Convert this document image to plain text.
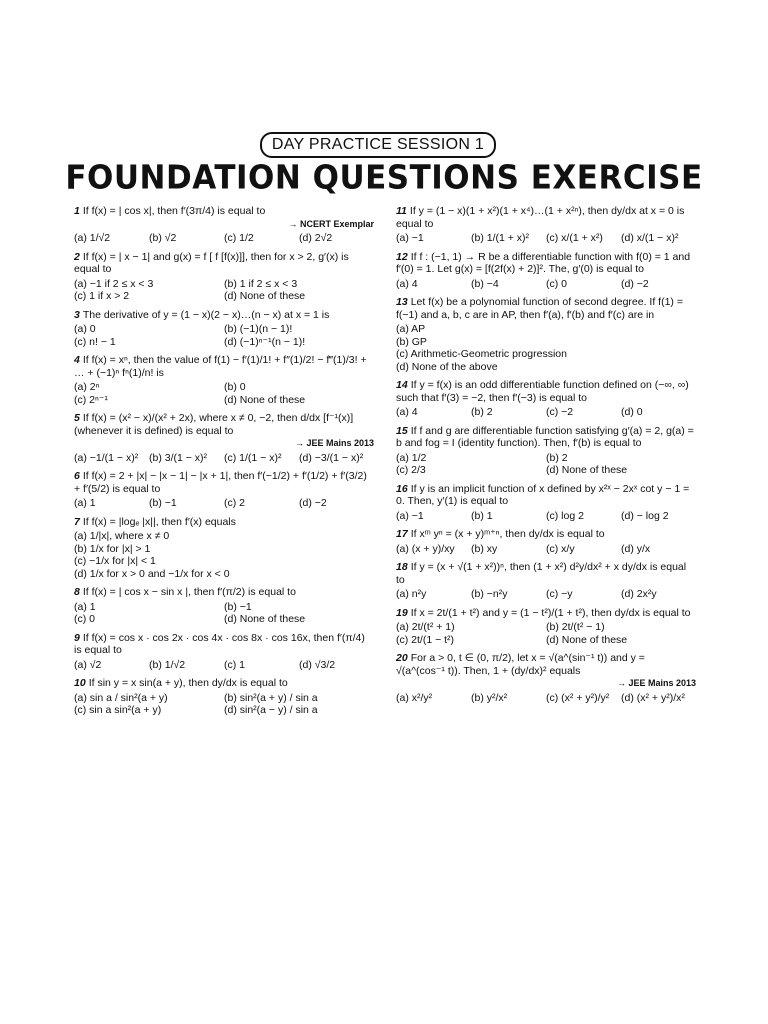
DAY PRACTICE SESSION 1
FOUNDATION QUESTIONS EXERCISE
1 If f(x) = | cos x|, then f′(3π/4) is equal to
→ NCERT Exemplar
(a) 1/√2	(b) √2	(c) 1/2	(d) 2√2
2 If f(x) = | x − 1| and g(x) = f [ f [f(x)]], then for x > 2, g′(x) is equal to
(a) −1 if 2 ≤ x < 3	(b) 1 if 2 ≤ x < 3
(c) 1 if x > 2	(d) None of these
3 The derivative of y = (1 − x)(2 − x)…(n − x) at x = 1 is
(a) 0	(b) (−1)(n − 1)!
(c) n! − 1	(d) (−1)ⁿ⁻¹(n − 1)!
4 If f(x) = xⁿ, then the value of f(1) − f′(1)/1! + f″(1)/2! − f‴(1)/3! + … + (−1)ⁿ fⁿ(1)/n! is
(a) 2ⁿ	(b) 0
(c) 2ⁿ⁻¹	(d) None of these
5 If f(x) = (x² − x)/(x² + 2x), where x ≠ 0, −2, then d/dx [f⁻¹(x)] (whenever it is defined) is equal to
→ JEE Mains 2013
(a) −1/(1 − x)²	(b) 3/(1 − x)²	(c) 1/(1 − x)²	(d) −3/(1 − x)²
6 If f(x) = 2 + |x| − |x − 1| − |x + 1|, then f′(−1/2) + f′(1/2) + f′(3/2) + f′(5/2) is equal to
(a) 1	(b) −1	(c) 2	(d) −2
7 If f(x) = |logₑ |x||, then f′(x) equals
(a) 1/|x|, where x ≠ 0
(b) 1/x for |x| > 1
(c) −1/x for |x| < 1
(d) 1/x for x > 0 and −1/x for x < 0
8 If f(x) = | cos x − sin x |, then f′(π/2) is equal to
(a) 1	(b) −1
(c) 0	(d) None of these
9 If f(x) = cos x · cos 2x · cos 4x · cos 8x · cos 16x, then f′(π/4) is equal to
(a) √2	(b) 1/√2	(c) 1	(d) √3/2
10 If sin y = x sin(a + y), then dy/dx is equal to
(a) sin a / sin²(a + y)	(b) sin²(a + y) / sin a
(c) sin a sin²(a + y)	(d) sin²(a − y) / sin a
11 If y = (1 − x)(1 + x²)(1 + x⁴)…(1 + x²ⁿ), then dy/dx at x = 0 is equal to
(a) −1	(b) 1/(1 + x)²	(c) x/(1 + x²)	(d) x/(1 − x)²
12 If f : (−1, 1) → R be a differentiable function with f(0) = 1 and f′(0) = 1. Let g(x) = [f(2f(x) + 2)]². The, g′(0) is equal to
(a) 4	(b) −4	(c) 0	(d) −2
13 Let f(x) be a polynomial function of second degree. If f(1) = f(−1) and a, b, c are in AP, then f′(a), f′(b) and f′(c) are in
(a) AP
(b) GP
(c) Arithmetic-Geometric progression
(d) None of the above
14 If y = f(x) is an odd differentiable function defined on (−∞, ∞) such that f′(3) = −2, then f′(−3) is equal to
(a) 4	(b) 2	(c) −2	(d) 0
15 If f and g are differentiable function satisfying g′(a) = 2, g(a) = b and fog = I (identity function). Then, f′(b) is equal to
(a) 1/2	(b) 2
(c) 2/3	(d) None of these
16 If y is an implicit function of x defined by x²ˣ − 2xˣ cot y − 1 = 0. Then, y′(1) is equal to
(a) −1	(b) 1	(c) log 2	(d) − log 2
17 If xᵐ yⁿ = (x + y)ᵐ⁺ⁿ, then dy/dx is equal to
(a) (x + y)/xy	(b) xy	(c) x/y	(d) y/x
18 If y = (x + √(1 + x²))ⁿ, then (1 + x²) d²y/dx² + x dy/dx is equal to
(a) n²y	(b) −n²y	(c) −y	(d) 2x²y
19 If x = 2t/(1 + t²) and y = (1 − t²)/(1 + t²), then dy/dx is equal to
(a) 2t/(t² + 1)	(b) 2t/(t² − 1)
(c) 2t/(1 − t²)	(d) None of these
20 For a > 0, t ∈ (0, π/2), let x = √(a^(sin⁻¹ t)) and y = √(a^(cos⁻¹ t)). Then, 1 + (dy/dx)² equals
→ JEE Mains 2013
(a) x²/y²	(b) y²/x²	(c) (x² + y²)/y²	(d) (x² + y²)/x²
